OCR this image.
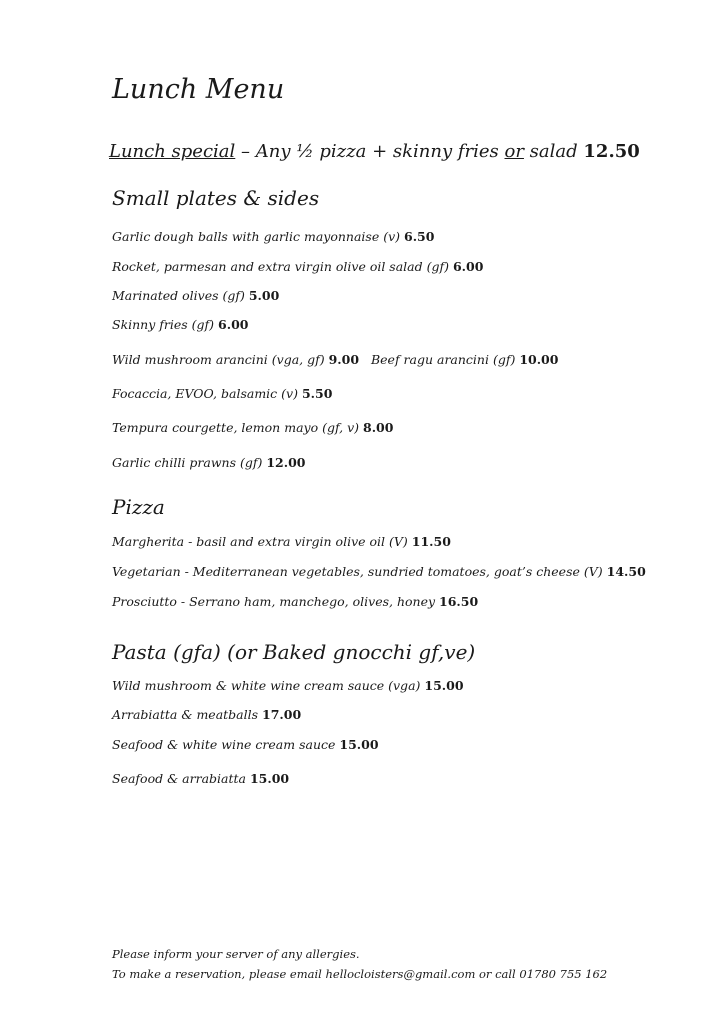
Lunch Menu
Lunch special – Any ½ pizza + skinny fries or salad 12.50
Small plates & sides
Garlic dough balls with garlic mayonnaise (v) 6.50
Rocket, parmesan and extra virgin olive oil salad (gf) 6.00
Marinated olives (gf) 5.00
Skinny fries (gf) 6.00
Wild mushroom arancini (vga, gf) 9.00 Beef ragu arancini (gf) 10.00
Focaccia, EVOO, balsamic (v) 5.50
Tempura courgette, lemon mayo (gf, v) 8.00
Garlic chilli prawns (gf) 12.00
Pizza
Margherita - basil and extra virgin olive oil (V) 11.50
Vegetarian - Mediterranean vegetables, sundried tomatoes, goat’s cheese (V) 14.50
Prosciutto - Serrano ham, manchego, olives, honey 16.50
Pasta (gfa) (or Baked gnocchi gf,ve)
Wild mushroom & white wine cream sauce (vga) 15.00
Arrabiatta & meatballs 17.00
Seafood & white wine cream sauce 15.00
Seafood & arrabiatta 15.00
Please inform your server of any allergies.
To make a reservation, please email hellocloisters@gmail.com or call 01780 755 162
